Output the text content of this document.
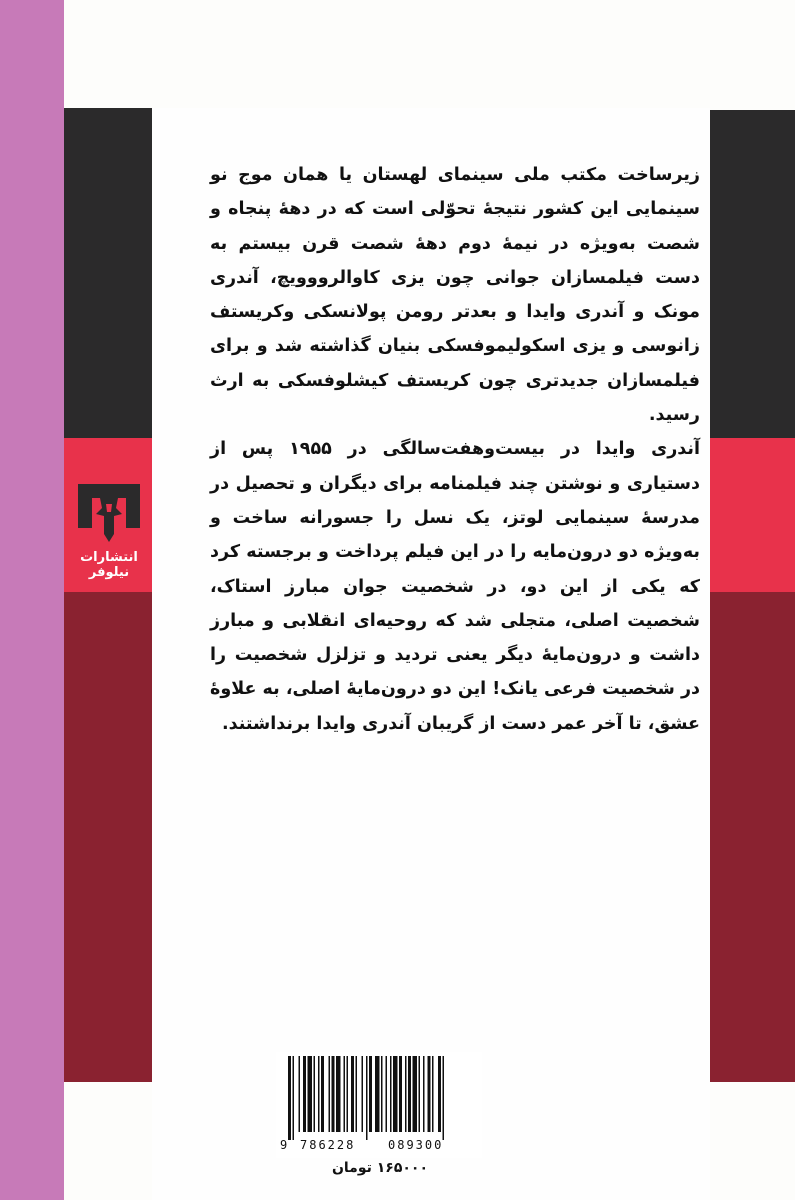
زیرساخت مکتب ملی سینمای لهستان یا همان موج نو سینمایی این کشور نتیجهٔ تحوّلی است که در دههٔ پنجاه و شصت به‌ویژه در نیمهٔ دوم دههٔ شصت قرن بیستم به دست فیلمسازان جوانی چون یزی کاوالرووویچ، آندری مونک و آندری وایدا و بعدتر رومن پولانسکی وکریستف زانوسی و یزی اسکولیموفسکی بنیان گذاشته شد و برای فیلمسازان جدیدتری چون کریستف کیشلوفسکی به ارث رسید.

آندری وایدا در بیست‌وهفت‌سالگی در ۱۹۵۵ پس از دستیاری و نوشتن چند فیلمنامه برای دیگران و تحصیل در مدرسهٔ سینمایی لوتز، یک نسل را جسورانه ساخت و به‌ویژه دو درون‌مایه را در این فیلم پرداخت و برجسته کرد که یکی از این دو، در شخصیت جوان مبارز استاک، شخصیت اصلی، متجلی شد که روحیه‌ای انقلابی و مبارز داشت و درون‌مایهٔ دیگر یعنی تردید و تزلزل شخصیت را در شخصیت فرعی یانک! این دو درون‌مایهٔ اصلی، به علاوهٔ عشق، تا آخر عمر دست از گریبان آندری وایدا برنداشتند.

انتشارات نیلوفر
9 786228	089300
۱۶۵۰۰۰ تومان
